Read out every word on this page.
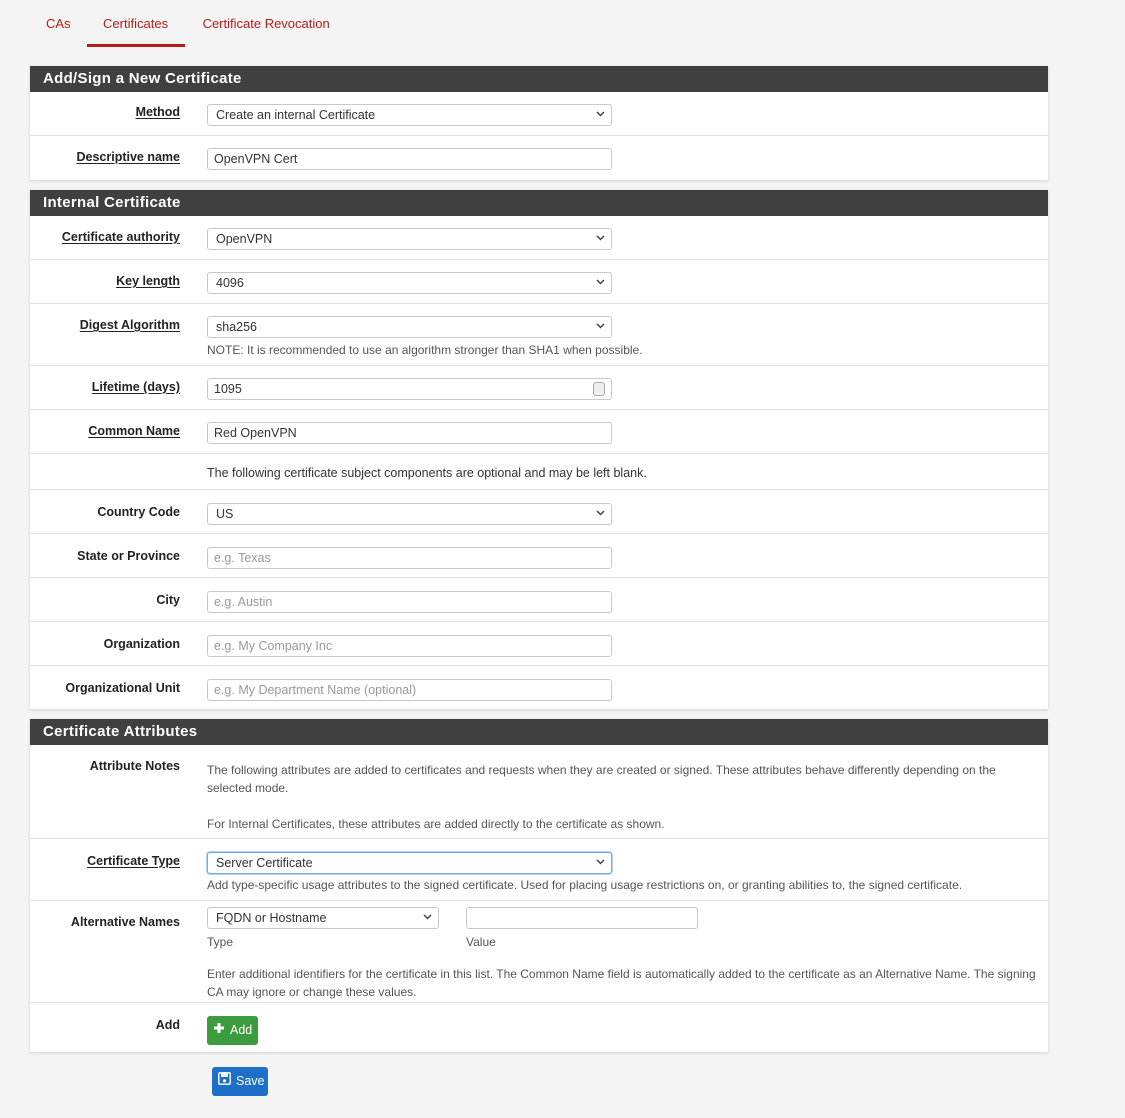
CAs	Certificates	Certificate Revocation
Add/Sign a New Certificate
Method	Create an internal Certificate
Descriptive name	OpenVPN Cert
Internal Certificate
Certificate authority	OpenVPN
Key length	4096
Digest Algorithm	sha256
NOTE: It is recommended to use an algorithm stronger than SHA1 when possible.
Lifetime (days)	1095
Common Name	Red OpenVPN
The following certificate subject components are optional and may be left blank.
Country Code	US
State or Province	e.g. Texas
City	e.g. Austin
Organization	e.g. My Company Inc
Organizational Unit	e.g. My Department Name (optional)
Certificate Attributes
Attribute Notes The following attributes are added to certificates and requests when they are created or signed. These attributes behave differently depending on the selected mode.
For Internal Certificates, these attributes are added directly to the certificate as shown.
Certificate Type	Server Certificate
Add type-specific usage attributes to the signed certificate. Used for placing usage restrictions on, or granting abilities to, the signed certificate.
Alternative Names	FQDN or Hostname
Type	Value
Enter additional identifiers for the certificate in this list. The Common Name field is automatically added to the certificate as an Alternative Name. The signing CA may ignore or change these values.
Add	Add
Save
